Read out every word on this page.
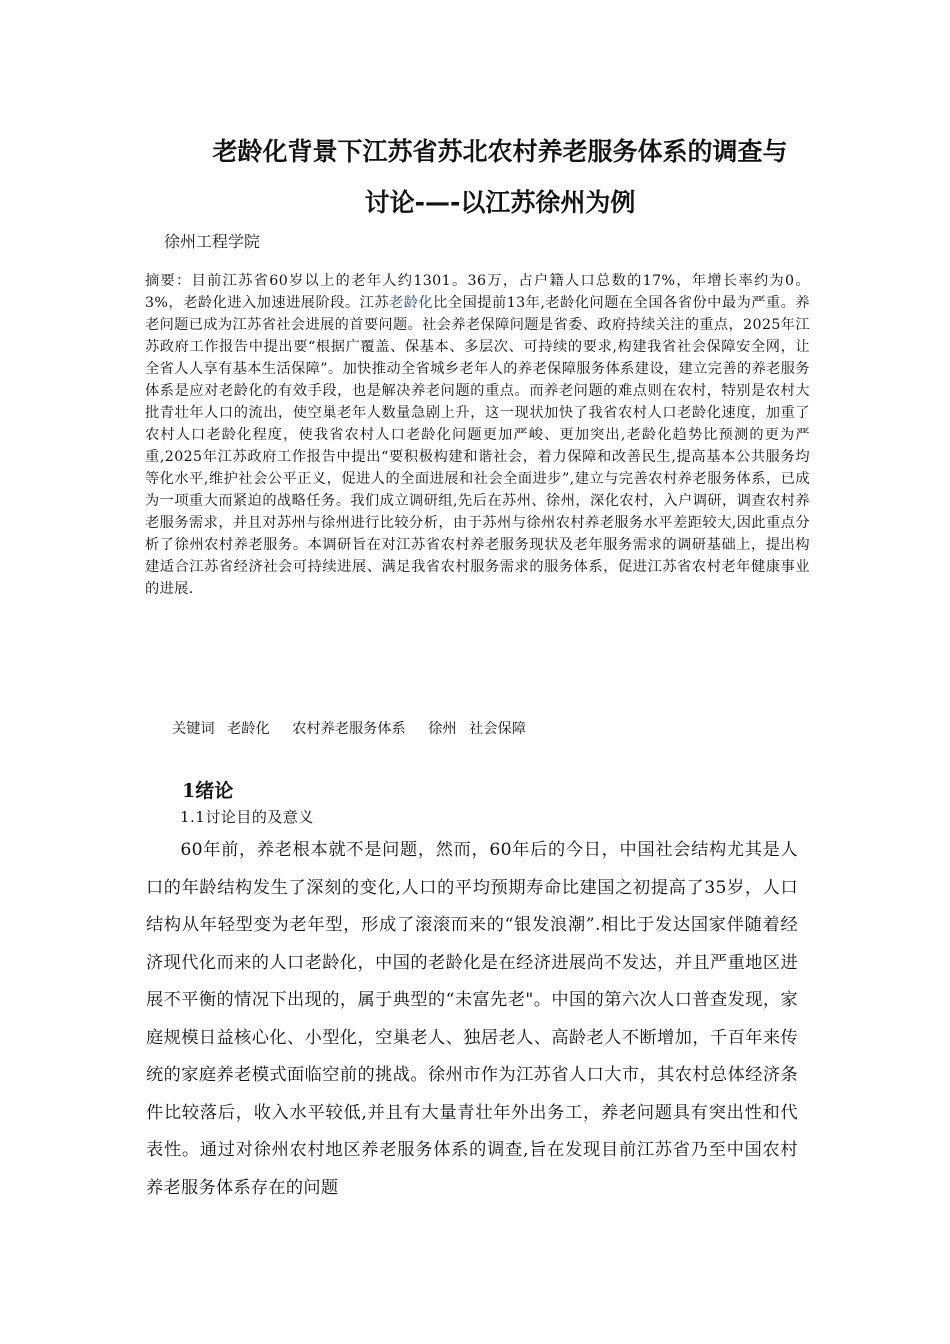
老龄化背景下江苏省苏北农村养老服务体系的调查与
讨论-—-以江苏徐州为例
徐州工程学院
摘要：目前江苏省60岁以上的老年人约1301。36万，占户籍人口总数的17%，年增长率约为0。3%，老龄化进入加速进展阶段。江苏老龄化比全国提前13年,老龄化问题在全国各省份中最为严重。养老问题已成为江苏省社会进展的首要问题。社会养老保障问题是省委、政府持续关注的重点，2025年江苏政府工作报告中提出要“根据广覆盖、保基本、多层次、可持续的要求,构建我省社会保障安全网，让全省人人享有基本生活保障”。加快推动全省城乡老年人的养老保障服务体系建设，建立完善的养老服务体系是应对老龄化的有效手段，也是解决养老问题的重点。而养老问题的难点则在农村，特别是农村大批青壮年人口的流出，使空巢老年人数量急剧上升，这一现状加快了我省农村人口老龄化速度，加重了农村人口老龄化程度，使我省农村人口老龄化问题更加严峻、更加突出,老龄化趋势比预测的更为严重,2025年江苏政府工作报告中提出“要积极构建和谐社会，着力保障和改善民生,提高基本公共服务均等化水平,维护社会公平正义，促进人的全面进展和社会全面进步”,建立与完善农村养老服务体系，已成为一项重大而紧迫的战略任务。我们成立调研组,先后在苏州、徐州，深化农村，入户调研，调查农村养老服务需求，并且对苏州与徐州进行比较分析，由于苏州与徐州农村养老服务水平差距较大,因此重点分析了徐州农村养老服务。本调研旨在对江苏省农村养老服务现状及老年服务需求的调研基础上，提出构建适合江苏省经济社会可持续进展、满足我省农村服务需求的服务体系，促进江苏省农村老年健康事业的进展.
关键词 老龄化 农村养老服务体系 徐州 社会保障
1绪论
1.1讨论目的及意义
60年前，养老根本就不是问题，然而，60年后的今日，中国社会结构尤其是人口的年龄结构发生了深刻的变化,人口的平均预期寿命比建国之初提高了35岁，人口结构从年轻型变为老年型，形成了滚滚而来的“银发浪潮”.相比于发达国家伴随着经济现代化而来的人口老龄化，中国的老龄化是在经济进展尚不发达，并且严重地区进展不平衡的情况下出现的，属于典型的“未富先老"。中国的第六次人口普查发现，家庭规模日益核心化、小型化，空巢老人、独居老人、高龄老人不断增加，千百年来传统的家庭养老模式面临空前的挑战。徐州市作为江苏省人口大市，其农村总体经济条件比较落后，收入水平较低,并且有大量青壮年外出务工，养老问题具有突出性和代表性。通过对徐州农村地区养老服务体系的调查,旨在发现目前江苏省乃至中国农村养老服务体系存在的问题
